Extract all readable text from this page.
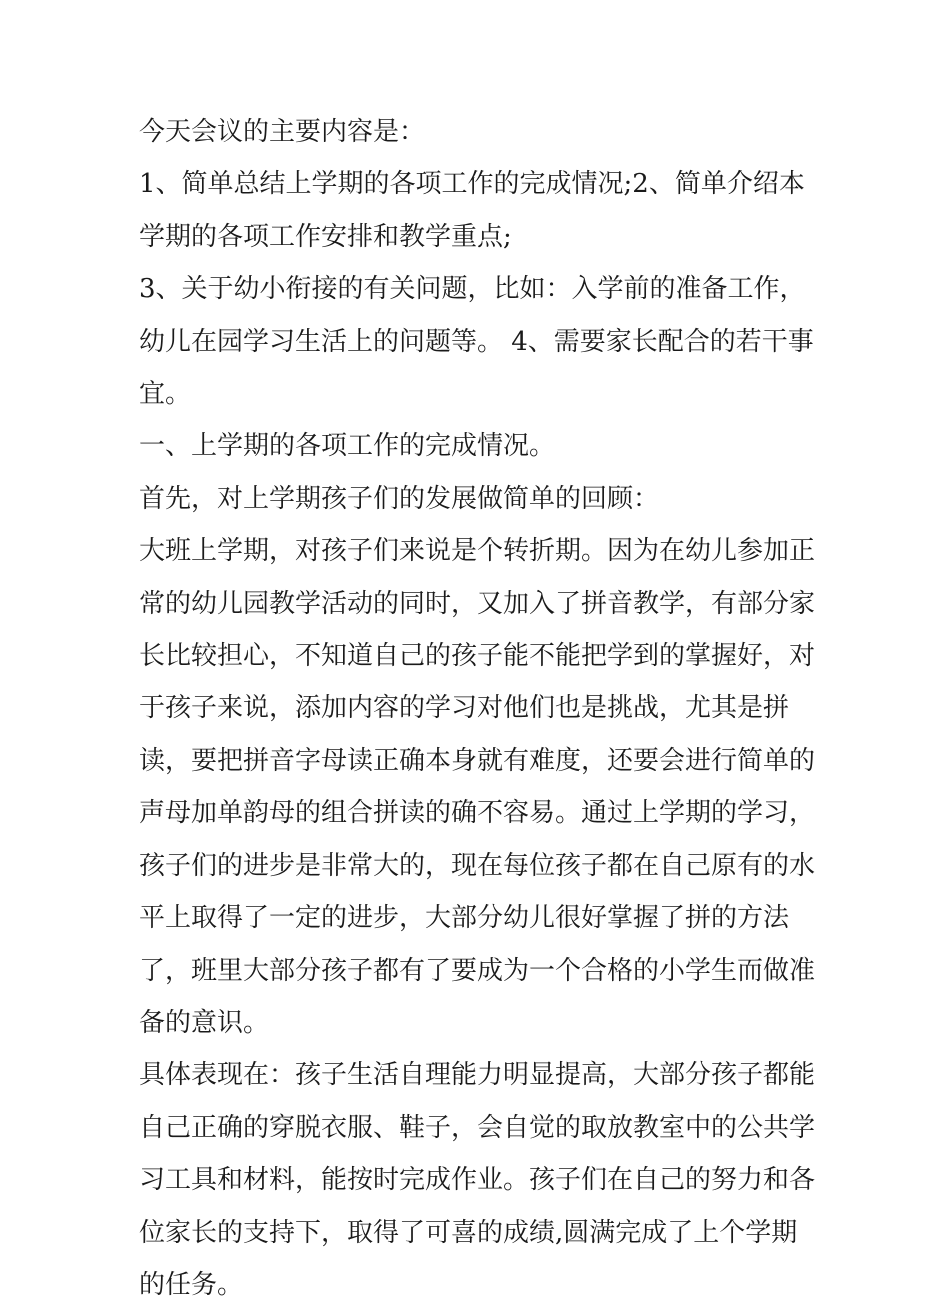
今天会议的主要内容是：

1、简单总结上学期的各项工作的完成情况;2、简单介绍本学期的各项工作安排和教学重点;

3、关于幼小衔接的有关问题，比如：入学前的准备工作，幼儿在园学习生活上的问题等。 4、需要家长配合的若干事宜。

一、上学期的各项工作的完成情况。

首先，对上学期孩子们的发展做简单的回顾：

大班上学期，对孩子们来说是个转折期。因为在幼儿参加正常的幼儿园教学活动的同时，又加入了拼音教学，有部分家长比较担心，不知道自己的孩子能不能把学到的掌握好，对于孩子来说，添加内容的学习对他们也是挑战，尤其是拼读，要把拼音字母读正确本身就有难度，还要会进行简单的声母加单韵母的组合拼读的确不容易。通过上学期的学习，孩子们的进步是非常大的，现在每位孩子都在自己原有的水平上取得了一定的进步，大部分幼儿很好掌握了拼的方法了，班里大部分孩子都有了要成为一个合格的小学生而做准备的意识。

具体表现在：孩子生活自理能力明显提高，大部分孩子都能自己正确的穿脱衣服、鞋子，会自觉的取放教室中的公共学习工具和材料，能按时完成作业。孩子们在自己的努力和各位家长的支持下，取得了可喜的成绩,圆满完成了上个学期的任务。
